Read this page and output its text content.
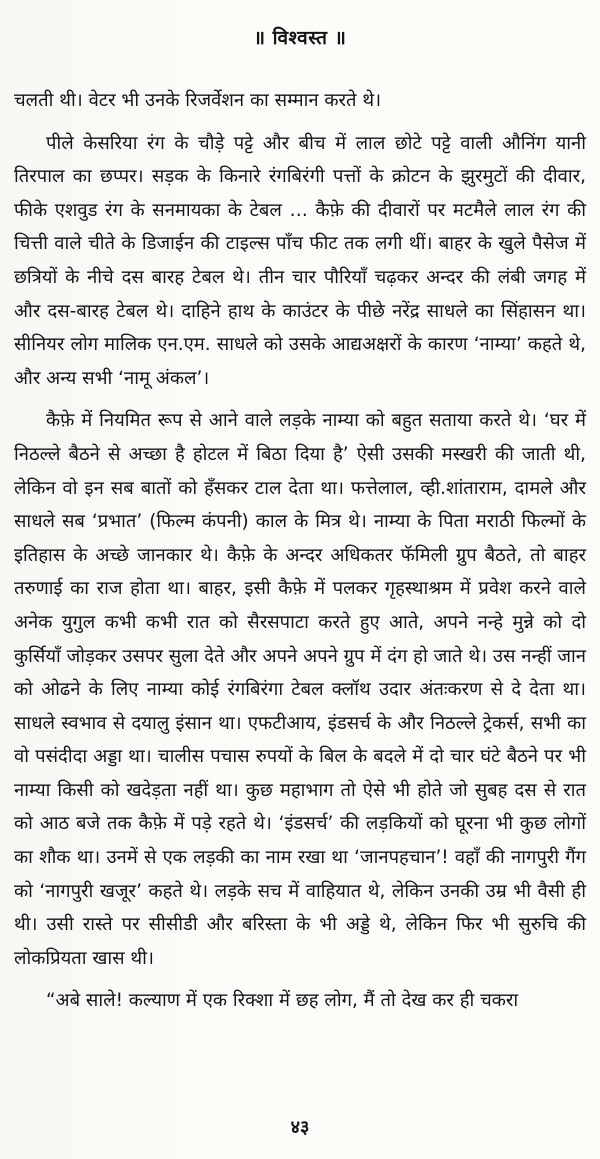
॥ विश्वस्त ॥

चलती थी। वेटर भी उनके रिजर्वेशन का सम्मान करते थे।

पीले केसरिया रंग के चौड़े पट्टे और बीच में लाल छोटे पट्टे वाली औनिंग यानी तिरपाल का छप्पर। सड़क के किनारे रंगबिरंगी पत्तों के क्रोटन के झुरमुटों की दीवार, फीके एशवुड रंग के सनमायका के टेबल … कैफ़े की दीवारों पर मटमैले लाल रंग की चित्ती वाले चीते के डिजाईन की टाइल्स पाँच फीट तक लगी थीं। बाहर के खुले पैसेज में छत्रियों के नीचे दस बारह टेबल थे। तीन चार पौरियाँ चढ़कर अन्दर की लंबी जगह में और दस-बारह टेबल थे। दाहिने हाथ के काउंटर के पीछे नरेंद्र साधले का सिंहासन था। सीनियर लोग मालिक एन.एम. साधले को उसके आद्यअक्षरों के कारण ‘नाम्या’ कहते थे, और अन्य सभी ‘नामू अंकल’।

कैफ़े में नियमित रूप से आने वाले लड़के नाम्या को बहुत सताया करते थे। ‘घर में निठल्ले बैठने से अच्छा है होटल में बिठा दिया है’ ऐसी उसकी मस्खरी की जाती थी, लेकिन वो इन सब बातों को हँसकर टाल देता था। फत्तेलाल, व्ही.शांताराम, दामले और साधले सब ‘प्रभात’ (फिल्म कंपनी) काल के मित्र थे। नाम्या के पिता मराठी फिल्मों के इतिहास के अच्छे जानकार थे। कैफ़े के अन्दर अधिकतर फॅमिली ग्रुप बैठते, तो बाहर तरुणाई का राज होता था। बाहर, इसी कैफ़े में पलकर गृहस्थाश्रम में प्रवेश करने वाले अनेक युगुल कभी कभी रात को सैरसपाटा करते हुए आते, अपने नन्हे मुन्ने को दो कुर्सियाँ जोड़कर उसपर सुला देते और अपने अपने ग्रुप में दंग हो जाते थे। उस नन्हीं जान को ओढने के लिए नाम्या कोई रंगबिरंगा टेबल क्लॉथ उदार अंतःकरण से दे देता था। साधले स्वभाव से दयालु इंसान था। एफटीआय, इंडसर्च के और निठल्ले ट्रेकर्स, सभी का वो पसंदीदा अड्डा था। चालीस पचास रुपयों के बिल के बदले में दो चार घंटे बैठने पर भी नाम्या किसी को खदेड़ता नहीं था। कुछ महाभाग तो ऐसे भी होते जो सुबह दस से रात को आठ बजे तक कैफ़े में पड़े रहते थे। ‘इंडसर्च’ की लड़कियों को घूरना भी कुछ लोगों का शौक था। उनमें से एक लड़की का नाम रखा था ‘जानपहचान’! वहाँ की नागपुरी गैंग को ‘नागपुरी खजूर’ कहते थे। लड़के सच में वाहियात थे, लेकिन उनकी उम्र भी वैसी ही थी। उसी रास्ते पर सीसीडी और बरिस्ता के भी अड्डे थे, लेकिन फिर भी सुरुचि की लोकप्रियता खास थी।

“अबे साले! कल्याण में एक रिक्शा में छह लोग, मैं तो देख कर ही चकरा

४३
